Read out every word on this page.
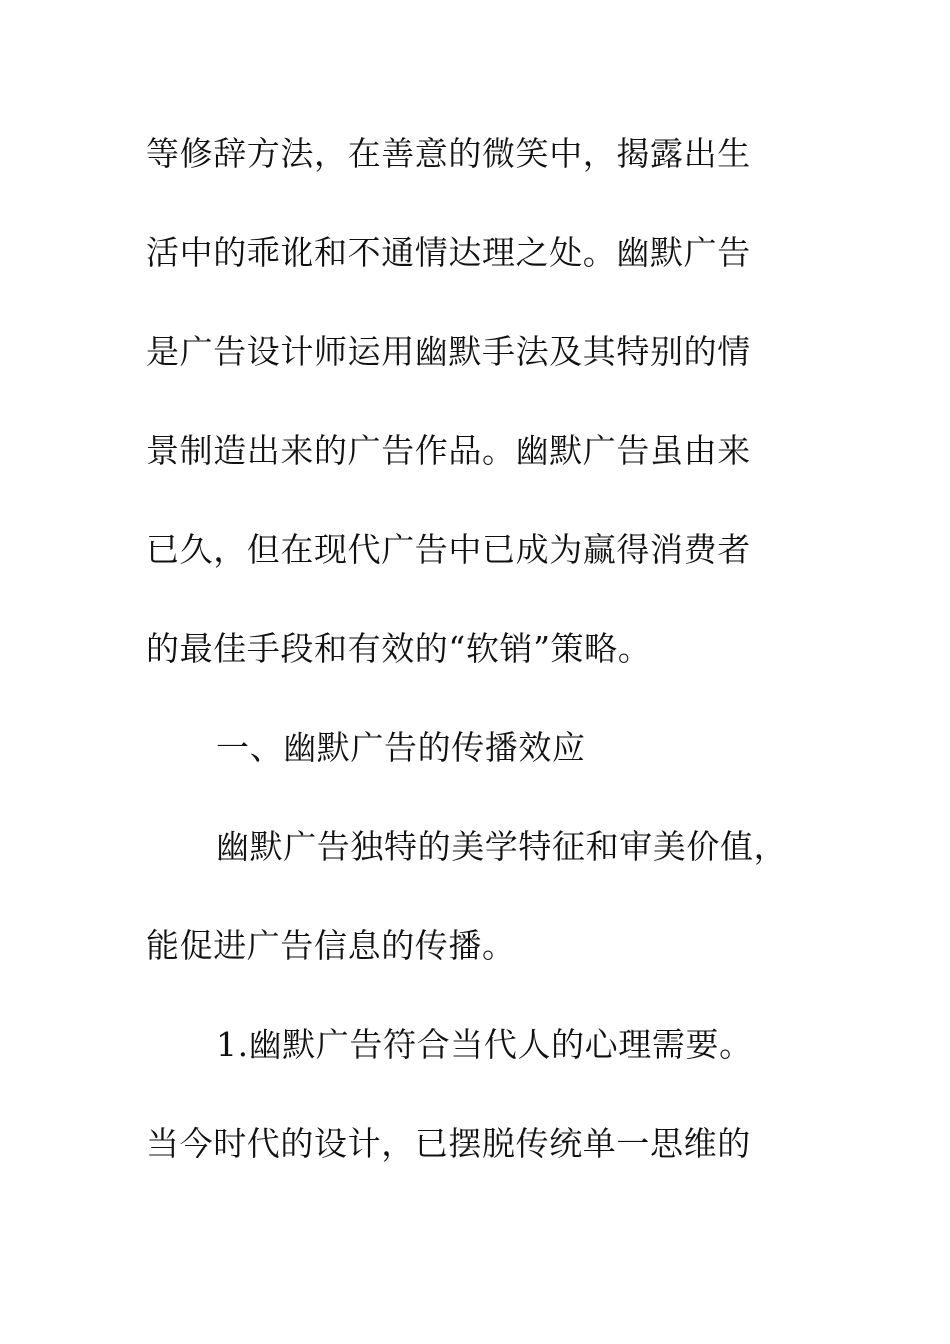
等修辞方法，在善意的微笑中，揭露出生
活中的乖讹和不通情达理之处。幽默广告
是广告设计师运用幽默手法及其特别的情
景制造出来的广告作品。幽默广告虽由来
已久，但在现代广告中已成为赢得消费者
的最佳手段和有效的“软销”策略。
一、幽默广告的传播效应
幽默广告独特的美学特征和审美价值，
能促进广告信息的传播。
1.幽默广告符合当代人的心理需要。
当今时代的设计，已摆脱传统单一思维的
